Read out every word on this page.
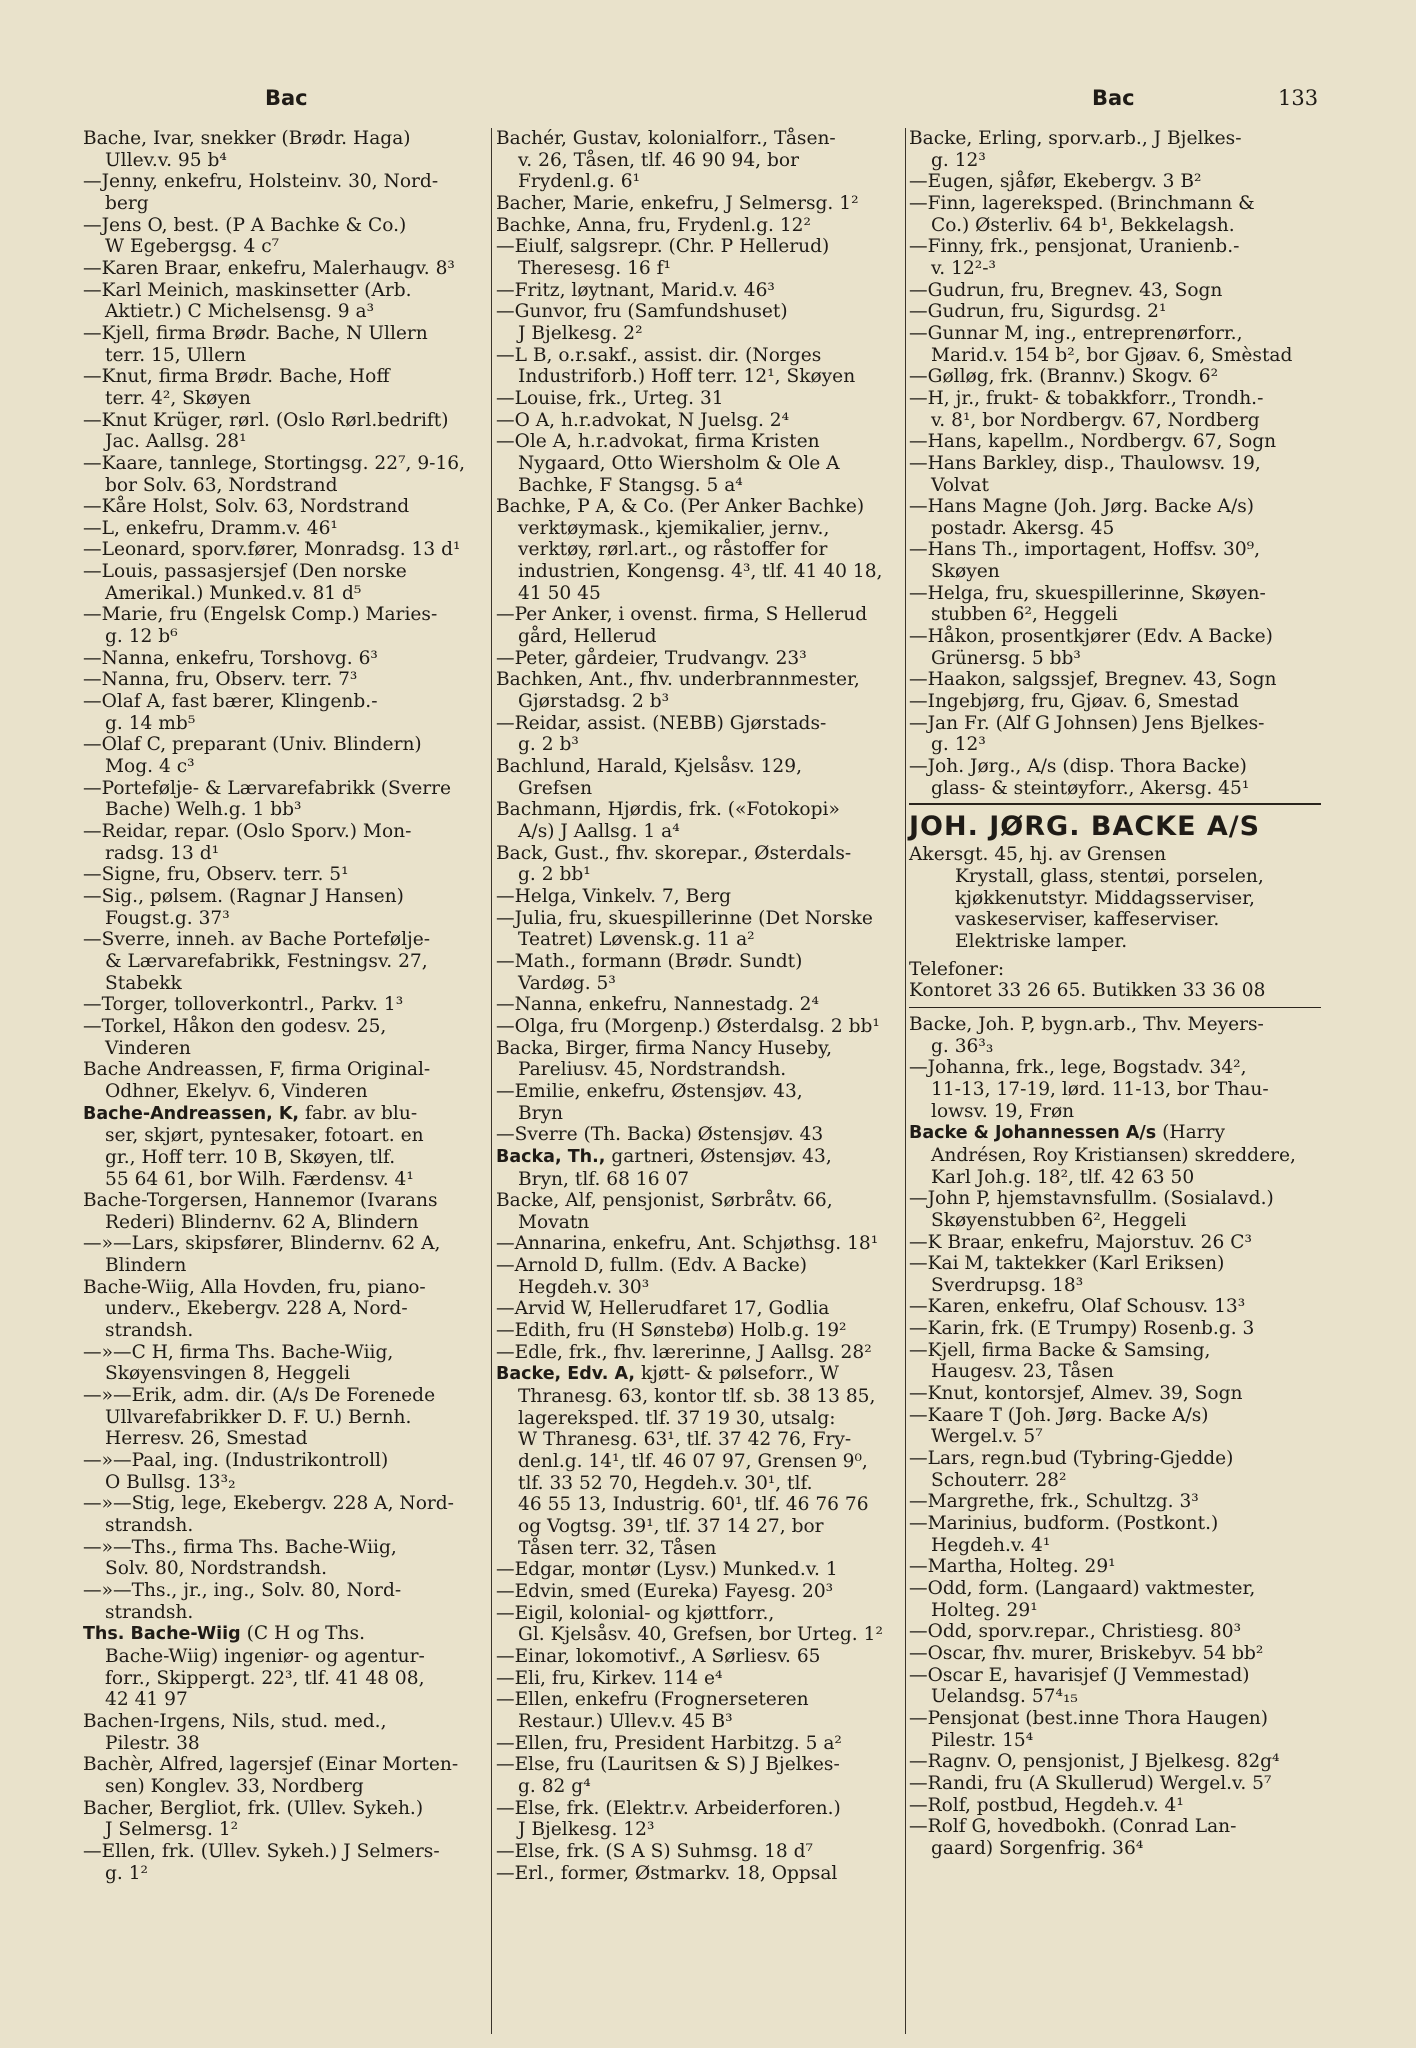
Bac	Bac	133
Bache, Ivar, snekker (Brødr. Haga)
Ullev.v. 95 b⁴
—Jenny, enkefru, Holsteinv. 30, Nord-
berg
—Jens O, best. (P A Bachke & Co.)
W Egebergsg. 4 c⁷
—Karen Braar, enkefru, Malerhaugv. 8³
—Karl Meinich, maskinsetter (Arb.
Aktietr.) C Michelsensg. 9 a³
—Kjell, firma Brødr. Bache, N Ullern
terr. 15, Ullern
—Knut, firma Brødr. Bache, Hoff
terr. 4², Skøyen
—Knut Krüger, rørl. (Oslo Rørl.bedrift)
Jac. Aallsg. 28¹
—Kaare, tannlege, Stortingsg. 22⁷, 9-16,
bor Solv. 63, Nordstrand
—Kåre Holst, Solv. 63, Nordstrand
—L, enkefru, Dramm.v. 46¹
—Leonard, sporv.fører, Monradsg. 13 d¹
—Louis, passasjersjef (Den norske
Amerikal.) Munked.v. 81 d⁵
—Marie, fru (Engelsk Comp.) Maries-
g. 12 b⁶
—Nanna, enkefru, Torshovg. 6³
—Nanna, fru, Observ. terr. 7³
—Olaf A, fast bærer, Klingenb.-
g. 14 mb⁵
—Olaf C, preparant (Univ. Blindern)
Mog. 4 c³
—Portefølje- & Lærvarefabrikk (Sverre
Bache) Welh.g. 1 bb³
—Reidar, repar. (Oslo Sporv.) Mon-
radsg. 13 d¹
—Signe, fru, Observ. terr. 5¹
—Sig., pølsem. (Ragnar J Hansen)
Fougst.g. 37³
—Sverre, inneh. av Bache Portefølje-
& Lærvarefabrikk, Festningsv. 27,
Stabekk
—Torger, tolloverkontrl., Parkv. 1³
—Torkel, Håkon den godesv. 25,
Vinderen
Bache Andreassen, F, firma Original-
Odhner, Ekelyv. 6, Vinderen
Bache-Andreassen, K, fabr. av blu-
ser, skjørt, pyntesaker, fotoart. en
gr., Hoff terr. 10 B, Skøyen, tlf.
55 64 61, bor Wilh. Færdensv. 4¹
Bache-Torgersen, Hannemor (Ivarans
Rederi) Blindernv. 62 A, Blindern
—»—Lars, skipsfører, Blindernv. 62 A,
Blindern
Bache-Wiig, Alla Hovden, fru, piano-
underv., Ekebergv. 228 A, Nord-
strandsh.
—»—C H, firma Ths. Bache-Wiig,
Skøyensvingen 8, Heggeli
—»—Erik, adm. dir. (A/s De Forenede
Ullvarefabrikker D. F. U.) Bernh.
Herresv. 26, Smestad
—»—Paal, ing. (Industrikontroll)
O Bullsg. 13³₂
—»—Stig, lege, Ekebergv. 228 A, Nord-
strandsh.
—»—Ths., firma Ths. Bache-Wiig,
Solv. 80, Nordstrandsh.
—»—Ths., jr., ing., Solv. 80, Nord-
strandsh.
Ths. Bache-Wiig (C H og Ths.
Bache-Wiig) ingeniør- og agentur-
forr., Skippergt. 22³, tlf. 41 48 08,
42 41 97
Bachen-Irgens, Nils, stud. med.,
Pilestr. 38
Bachèr, Alfred, lagersjef (Einar Morten-
sen) Konglev. 33, Nordberg
Bacher, Bergliot, frk. (Ullev. Sykeh.)
J Selmersg. 1²
—Ellen, frk. (Ullev. Sykeh.) J Selmers-
g. 1²
Bachér, Gustav, kolonialforr., Tåsen-
v. 26, Tåsen, tlf. 46 90 94, bor
Frydenl.g. 6¹
Bacher, Marie, enkefru, J Selmersg. 1²
Bachke, Anna, fru, Frydenl.g. 12²
—Eiulf, salgsrepr. (Chr. P Hellerud)
Theresesg. 16 f¹
—Fritz, løytnant, Marid.v. 46³
—Gunvor, fru (Samfundshuset)
J Bjelkesg. 2²
—L B, o.r.sakf., assist. dir. (Norges
Industriforb.) Hoff terr. 12¹, Skøyen
—Louise, frk., Urteg. 31
—O A, h.r.advokat, N Juelsg. 2⁴
—Ole A, h.r.advokat, firma Kristen
Nygaard, Otto Wiersholm & Ole A
Bachke, F Stangsg. 5 a⁴
Bachke, P A, & Co. (Per Anker Bachke)
verktøymask., kjemikalier, jernv.,
verktøy, rørl.art., og råstoffer for
industrien, Kongensg. 4³, tlf. 41 40 18,
41 50 45
—Per Anker, i ovenst. firma, S Hellerud
gård, Hellerud
—Peter, gårdeier, Trudvangv. 23³
Bachken, Ant., fhv. underbrannmester,
Gjørstadsg. 2 b³
—Reidar, assist. (NEBB) Gjørstads-
g. 2 b³
Bachlund, Harald, Kjelsåsv. 129,
Grefsen
Bachmann, Hjørdis, frk. («Fotokopi»
A/s) J Aallsg. 1 a⁴
Back, Gust., fhv. skorepar., Østerdals-
g. 2 bb¹
—Helga, Vinkelv. 7, Berg
—Julia, fru, skuespillerinne (Det Norske
Teatret) Løvensk.g. 11 a²
—Math., formann (Brødr. Sundt)
Vardøg. 5³
—Nanna, enkefru, Nannestadg. 2⁴
—Olga, fru (Morgenp.) Østerdalsg. 2 bb¹
Backa, Birger, firma Nancy Huseby,
Pareliusv. 45, Nordstrandsh.
—Emilie, enkefru, Østensjøv. 43,
Bryn
—Sverre (Th. Backa) Østensjøv. 43
Backa, Th., gartneri, Østensjøv. 43,
Bryn, tlf. 68 16 07
Backe, Alf, pensjonist, Sørbråtv. 66,
Movatn
—Annarina, enkefru, Ant. Schjøthsg. 18¹
—Arnold D, fullm. (Edv. A Backe)
Hegdeh.v. 30³
—Arvid W, Hellerudfaret 17, Godlia
—Edith, fru (H Sønstebø) Holb.g. 19²
—Edle, frk., fhv. lærerinne, J Aallsg. 28²
Backe, Edv. A, kjøtt- & pølseforr., W
Thranesg. 63, kontor tlf. sb. 38 13 85,
lagereksped. tlf. 37 19 30, utsalg:
W Thranesg. 63¹, tlf. 37 42 76, Fry-
denl.g. 14¹, tlf. 46 07 97, Grensen 9⁰,
tlf. 33 52 70, Hegdeh.v. 30¹, tlf.
46 55 13, Industrig. 60¹, tlf. 46 76 76
og Vogtsg. 39¹, tlf. 37 14 27, bor
Tåsen terr. 32, Tåsen
—Edgar, montør (Lysv.) Munked.v. 1
—Edvin, smed (Eureka) Fayesg. 20³
—Eigil, kolonial- og kjøttforr.,
Gl. Kjelsåsv. 40, Grefsen, bor Urteg. 1²
—Einar, lokomotivf., A Sørliesv. 65
—Eli, fru, Kirkev. 114 e⁴
—Ellen, enkefru (Frognerseteren
Restaur.) Ullev.v. 45 B³
—Ellen, fru, President Harbitzg. 5 a²
—Else, fru (Lauritsen & S) J Bjelkes-
g. 82 g⁴
—Else, frk. (Elektr.v. Arbeiderforen.)
J Bjelkesg. 12³
—Else, frk. (S A S) Suhmsg. 18 d⁷
—Erl., former, Østmarkv. 18, Oppsal
Backe, Erling, sporv.arb., J Bjelkes-
g. 12³
—Eugen, sjåfør, Ekebergv. 3 B²
—Finn, lagereksped. (Brinchmann &
Co.) Østerliv. 64 b¹, Bekkelagsh.
—Finny, frk., pensjonat, Uranienb.-
v. 12²-³
—Gudrun, fru, Bregnev. 43, Sogn
—Gudrun, fru, Sigurdsg. 2¹
—Gunnar M, ing., entreprenørforr.,
Marid.v. 154 b², bor Gjøav. 6, Smèstad
—Gølløg, frk. (Brannv.) Skogv. 6²
—H, jr., frukt- & tobakkforr., Trondh.-
v. 8¹, bor Nordbergv. 67, Nordberg
—Hans, kapellm., Nordbergv. 67, Sogn
—Hans Barkley, disp., Thaulowsv. 19,
Volvat
—Hans Magne (Joh. Jørg. Backe A/s)
postadr. Akersg. 45
—Hans Th., importagent, Hoffsv. 30⁹,
Skøyen
—Helga, fru, skuespillerinne, Skøyen-
stubben 6², Heggeli
—Håkon, prosentkjører (Edv. A Backe)
Grünersg. 5 bb³
—Haakon, salgssjef, Bregnev. 43, Sogn
—Ingebjørg, fru, Gjøav. 6, Smestad
—Jan Fr. (Alf G Johnsen) Jens Bjelkes-
g. 12³
—Joh. Jørg., A/s (disp. Thora Backe)
glass- & steintøyforr., Akersg. 45¹
JOH. JØRG. BACKE A/S
Akersgt. 45, hj. av Grensen
Krystall, glass, stentøi, porselen,
kjøkkenutstyr. Middagsserviser,
vaskeserviser, kaffeserviser.
Elektriske lamper.
Telefoner:
Kontoret 33 26 65. Butikken 33 36 08
Backe, Joh. P, bygn.arb., Thv. Meyers-
g. 36³₃
—Johanna, frk., lege, Bogstadv. 34²,
11-13, 17-19, lørd. 11-13, bor Thau-
lowsv. 19, Frøn
Backe & Johannessen A/s (Harry
Andrésen, Roy Kristiansen) skreddere,
Karl Joh.g. 18², tlf. 42 63 50
—John P, hjemstavnsfullm. (Sosialavd.)
Skøyenstubben 6², Heggeli
—K Braar, enkefru, Majorstuv. 26 C³
—Kai M, taktekker (Karl Eriksen)
Sverdrupsg. 18³
—Karen, enkefru, Olaf Schousv. 13³
—Karin, frk. (E Trumpy) Rosenb.g. 3
—Kjell, firma Backe & Samsing,
Haugesv. 23, Tåsen
—Knut, kontorsjef, Almev. 39, Sogn
—Kaare T (Joh. Jørg. Backe A/s)
Wergel.v. 5⁷
—Lars, regn.bud (Tybring-Gjedde)
Schouterr. 28²
—Margrethe, frk., Schultzg. 3³
—Marinius, budform. (Postkont.)
Hegdeh.v. 4¹
—Martha, Holteg. 29¹
—Odd, form. (Langaard) vaktmester,
Holteg. 29¹
—Odd, sporv.repar., Christiesg. 80³
—Oscar, fhv. murer, Briskebyv. 54 bb²
—Oscar E, havarisjef (J Vemmestad)
Uelandsg. 57⁴₁₅
—Pensjonat (best.inne Thora Haugen)
Pilestr. 15⁴
—Ragnv. O, pensjonist, J Bjelkesg. 82g⁴
—Randi, fru (A Skullerud) Wergel.v. 5⁷
—Rolf, postbud, Hegdeh.v. 4¹
—Rolf G, hovedbokh. (Conrad Lan-
gaard) Sorgenfrig. 36⁴
